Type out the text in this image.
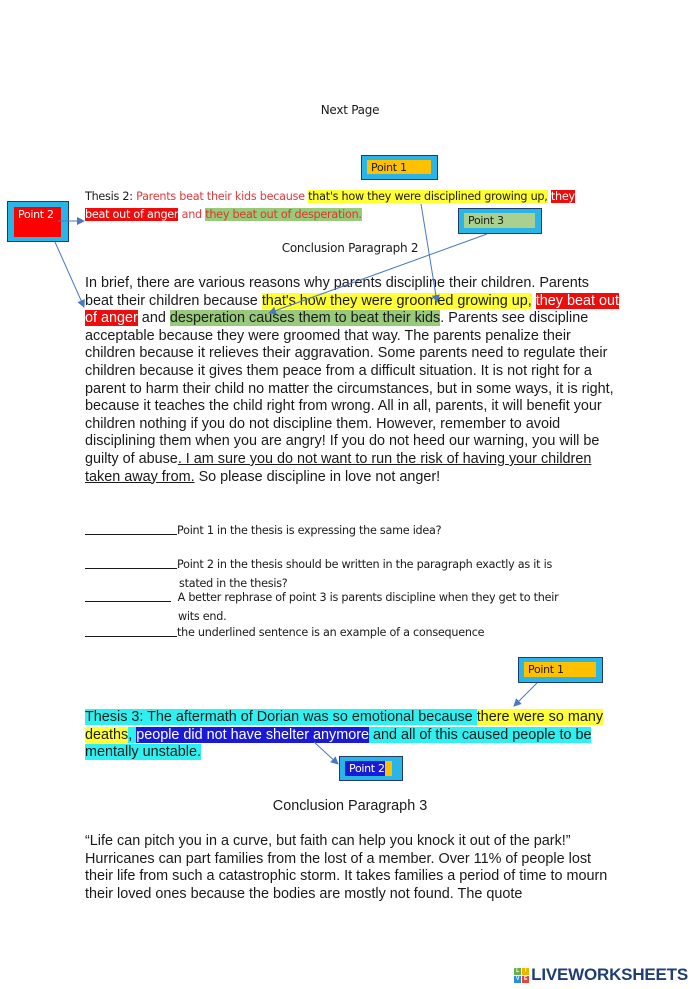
Next Page
Point 1
Point 2	Point 3
Thesis 2: Parents beat their kids because that's how they were disciplined growing up, they
beat out of anger and they beat out of desperation.
Conclusion Paragraph 2
In brief, there are various reasons why parents discipline their children. Parents beat their children because that's how they were groomed growing up, they beat out of anger and desperation causes them to beat their kids. Parents see discipline acceptable because they were groomed that way. The parents penalize their children because it relieves their aggravation. Some parents need to regulate their children because it gives them peace from a difficult situation. It is not right for a parent to harm their child no matter the circumstances, but in some ways, it is right, because it teaches the child right from wrong. All in all, parents, it will benefit your children nothing if you do not discipline them. However, remember to avoid disciplining them when you are angry! If you do not heed our warning, you will be guilty of abuse. I am sure you do not want to run the risk of having your children taken away from. So please discipline in love not anger!
Point 1 in the thesis is expressing the same idea?
Point 2 in the thesis should be written in the paragraph exactly as it is
stated in the thesis?
A better rephrase of point 3 is parents discipline when they get to their
wits end.
the underlined sentence is an example of a consequence
Point 1
Thesis 3: The aftermath of Dorian was so emotional because there were so many deaths, people did not have shelter anymore and all of this caused people to be mentally unstable.
Point 2
Conclusion Paragraph 3
“Life can pitch you in a curve, but faith can help you knock it out of the park!” Hurricanes can part families from the lost of a member. Over 11% of people lost their life from such a catastrophic storm. It takes families a period of time to mourn their loved ones because the bodies are mostly not found. The quote
L	I
V E LIVEWORKSHEETS
